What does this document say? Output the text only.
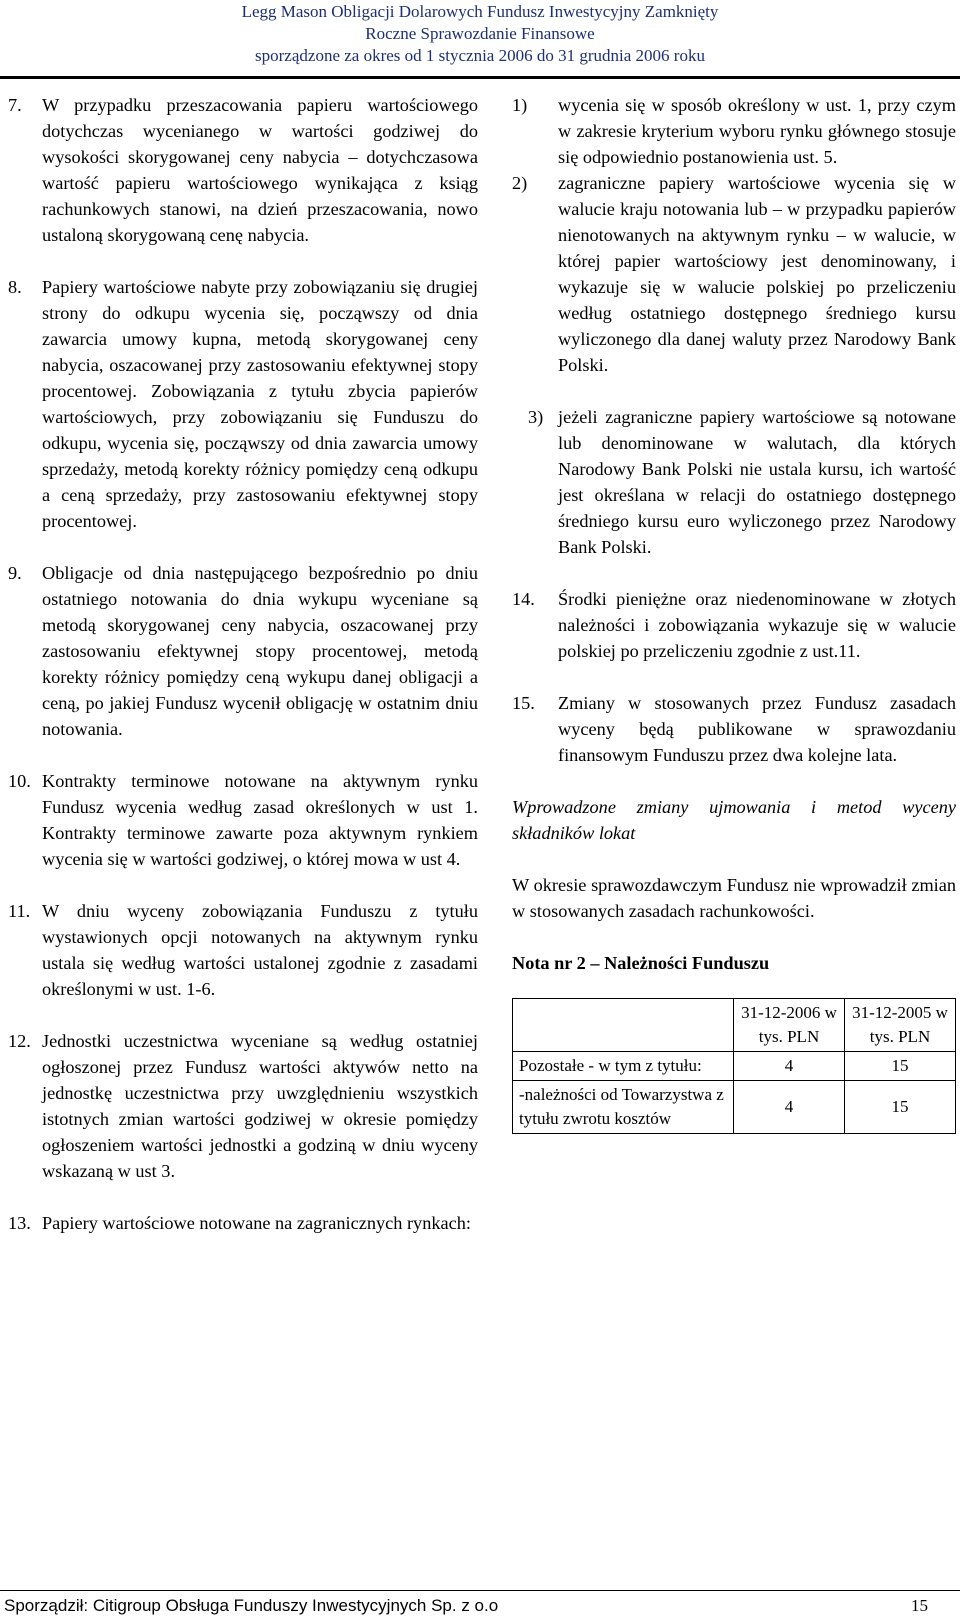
Legg Mason Obligacji Dolarowych Fundusz Inwestycyjny Zamknięty
Roczne Sprawozdanie Finansowe
sporządzone za okres od 1 stycznia 2006 do 31 grudnia 2006 roku
7.	W przypadku przeszacowania papieru wartościowego dotychczas wycenianego w wartości godziwej do wysokości skorygowanej ceny nabycia – dotychczasowa wartość papieru wartościowego wynikająca z ksiąg rachunkowych stanowi, na dzień przeszacowania, nowo ustaloną skorygowaną cenę nabycia.
8.	Papiery wartościowe nabyte przy zobowiązaniu się drugiej strony do odkupu wycenia się, począwszy od dnia zawarcia umowy kupna, metodą skorygowanej ceny nabycia, oszacowanej przy zastosowaniu efektywnej stopy procentowej. Zobowiązania z tytułu zbycia papierów wartościowych, przy zobowiązaniu się Funduszu do odkupu, wycenia się, począwszy od dnia zawarcia umowy sprzedaży, metodą korekty różnicy pomiędzy ceną odkupu a ceną sprzedaży, przy zastosowaniu efektywnej stopy procentowej.
9.	Obligacje od dnia następującego bezpośrednio po dniu ostatniego notowania do dnia wykupu wyceniane są metodą skorygowanej ceny nabycia, oszacowanej przy zastosowaniu efektywnej stopy procentowej, metodą korekty różnicy pomiędzy ceną wykupu danej obligacji a ceną, po jakiej Fundusz wycenił obligację w ostatnim dniu notowania.
10. Kontrakty terminowe notowane na aktywnym rynku Fundusz wycenia według zasad określonych w ust 1. Kontrakty terminowe zawarte poza aktywnym rynkiem wycenia się w wartości godziwej, o której mowa w ust 4.
11. W dniu wyceny zobowiązania Funduszu z tytułu wystawionych opcji notowanych na aktywnym rynku ustala się według wartości ustalonej zgodnie z zasadami określonymi w ust. 1-6.
12. Jednostki uczestnictwa wyceniane są według ostatniej ogłoszonej przez Fundusz wartości aktywów netto na jednostkę uczestnictwa przy uwzględnieniu wszystkich istotnych zmian wartości godziwej w okresie pomiędzy ogłoszeniem wartości jednostki a godziną w dniu wyceny wskazaną w ust 3.
13. Papiery wartościowe notowane na zagranicznych rynkach:
1)	wycenia się w sposób określony w ust. 1, przy czym w zakresie kryterium wyboru rynku głównego stosuje się odpowiednio postanowienia ust. 5.
2)	zagraniczne papiery wartościowe wycenia się w walucie kraju notowania lub – w przypadku papierów nienotowanych na aktywnym rynku – w walucie, w której papier wartościowy jest denominowany, i wykazuje się w walucie polskiej po przeliczeniu według ostatniego dostępnego średniego kursu wyliczonego dla danej waluty przez Narodowy Bank Polski.
3) jeżeli zagraniczne papiery wartościowe są notowane lub denominowane w walutach, dla których Narodowy Bank Polski nie ustala kursu, ich wartość jest określana w relacji do ostatniego dostępnego średniego kursu euro wyliczonego przez Narodowy Bank Polski.
14.	Środki pieniężne oraz niedenominowane w złotych należności i zobowiązania wykazuje się w walucie polskiej po przeliczeniu zgodnie z ust.11.
15.	Zmiany w stosowanych przez Fundusz zasadach wyceny będą publikowane w sprawozdaniu finansowym Funduszu przez dwa kolejne lata.

Wprowadzone zmiany ujmowania i metod wyceny składników lokat

W okresie sprawozdawczym Fundusz nie wprowadził zmian w stosowanych zasadach rachunkowości.

Nota nr 2 – Należności Funduszu

	31-12-2006 w tys. PLN	31-12-2005 w tys. PLN
Pozostałe - w tym z tytułu:	4	15
-należności od Towarzystwa z tytułu zwrotu kosztów	4	15
Sporządził: Citigroup Obsługa Funduszy Inwestycyjnych Sp. z o.o	15
